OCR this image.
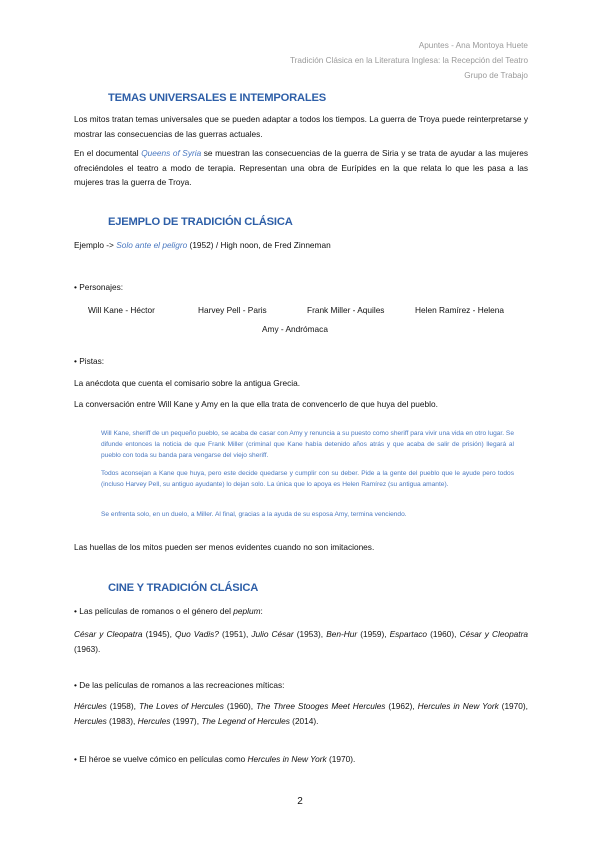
Apuntes - Ana Montoya Huete
Tradición Clásica en la Literatura Inglesa: la Recepción del Teatro
Grupo de Trabajo
TEMAS UNIVERSALES E INTEMPORALES
Los mitos tratan temas universales que se pueden adaptar a todos los tiempos. La guerra de Troya puede reinterpretarse y mostrar las consecuencias de las guerras actuales.
En el documental Queens of Syria se muestran las consecuencias de la guerra de Siria y se trata de ayudar a las mujeres ofreciéndoles el teatro a modo de terapia. Representan una obra de Eurípides en la que relata lo que les pasa a las mujeres tras la guerra de Troya.
EJEMPLO DE TRADICIÓN CLÁSICA
Ejemplo -> Solo ante el peligro (1952) / High noon, de Fred Zinneman
• Personajes:
Will Kane - Héctor	Harvey Pell - Paris	Frank Miller - Aquiles	Helen Ramírez - Helena
Amy - Andrómaca
• Pistas:
La anécdota que cuenta el comisario sobre la antigua Grecia.
La conversación entre Will Kane y Amy en la que ella trata de convencerlo de que huya del pueblo.
Will Kane, sheriff de un pequeño pueblo, se acaba de casar con Amy y renuncia a su puesto como sheriff para vivir una vida en otro lugar. Se difunde entonces la noticia de que Frank Miller (criminal que Kane había detenido años atrás y que acaba de salir de prisión) llegará al pueblo con toda su banda para vengarse del viejo sheriff.
Todos aconsejan a Kane que huya, pero este decide quedarse y cumplir con su deber. Pide a la gente del pueblo que le ayude pero todos (incluso Harvey Pell, su antiguo ayudante) lo dejan solo. La única que lo apoya es Helen Ramírez (su antigua amante).
Se enfrenta solo, en un duelo, a Miller. Al final, gracias a la ayuda de su esposa Amy, termina venciendo.
Las huellas de los mitos pueden ser menos evidentes cuando no son imitaciones.
CINE Y TRADICIÓN CLÁSICA
• Las películas de romanos o el género del peplum:
César y Cleopatra (1945), Quo Vadis? (1951), Julio César (1953), Ben-Hur (1959), Espartaco (1960), César y Cleopatra (1963).
• De las películas de romanos a las recreaciones míticas:
Hércules (1958), The Loves of Hercules (1960), The Three Stooges Meet Hercules (1962), Hercules in New York (1970), Hercules (1983), Hercules (1997), The Legend of Hercules (2014).
• El héroe se vuelve cómico en películas como Hercules in New York (1970).
2
